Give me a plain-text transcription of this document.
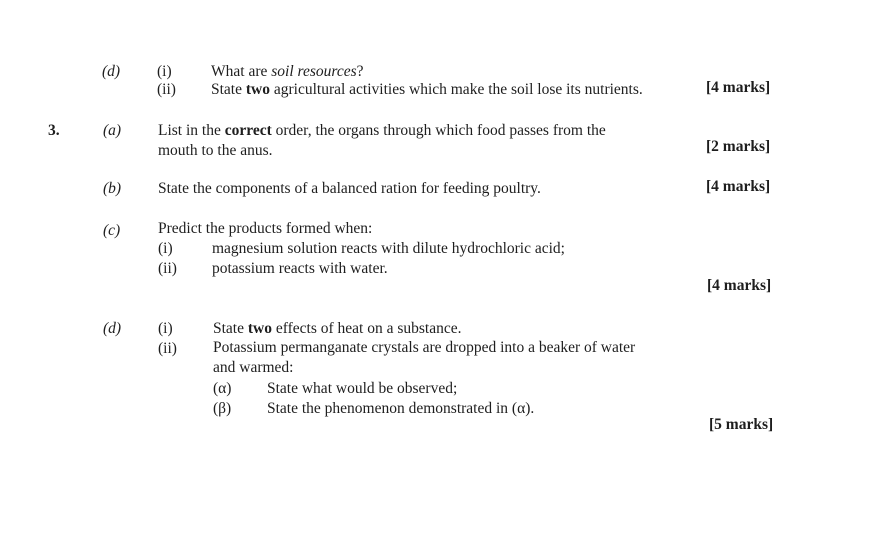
(d) (i)	What are soil resources?
(ii) State two agricultural activities which make the soil lose its nutrients.	[4 marks]
3.	(a) List in the correct order, the organs through which food passes from the
mouth to the anus.	[2 marks]
(b) State the components of a balanced ration for feeding poultry.	[4 marks]
(c) Predict the products formed when:
(i)	magnesium solution reacts with dilute hydrochloric acid;
(ii) potassium reacts with water.
[4 marks]
(d) (i)	State two effects of heat on a substance.
(ii) Potassium permanganate crystals are dropped into a beaker of water
and warmed:
(α) State what would be observed;
(β) State the phenomenon demonstrated in (α).
[5 marks]
